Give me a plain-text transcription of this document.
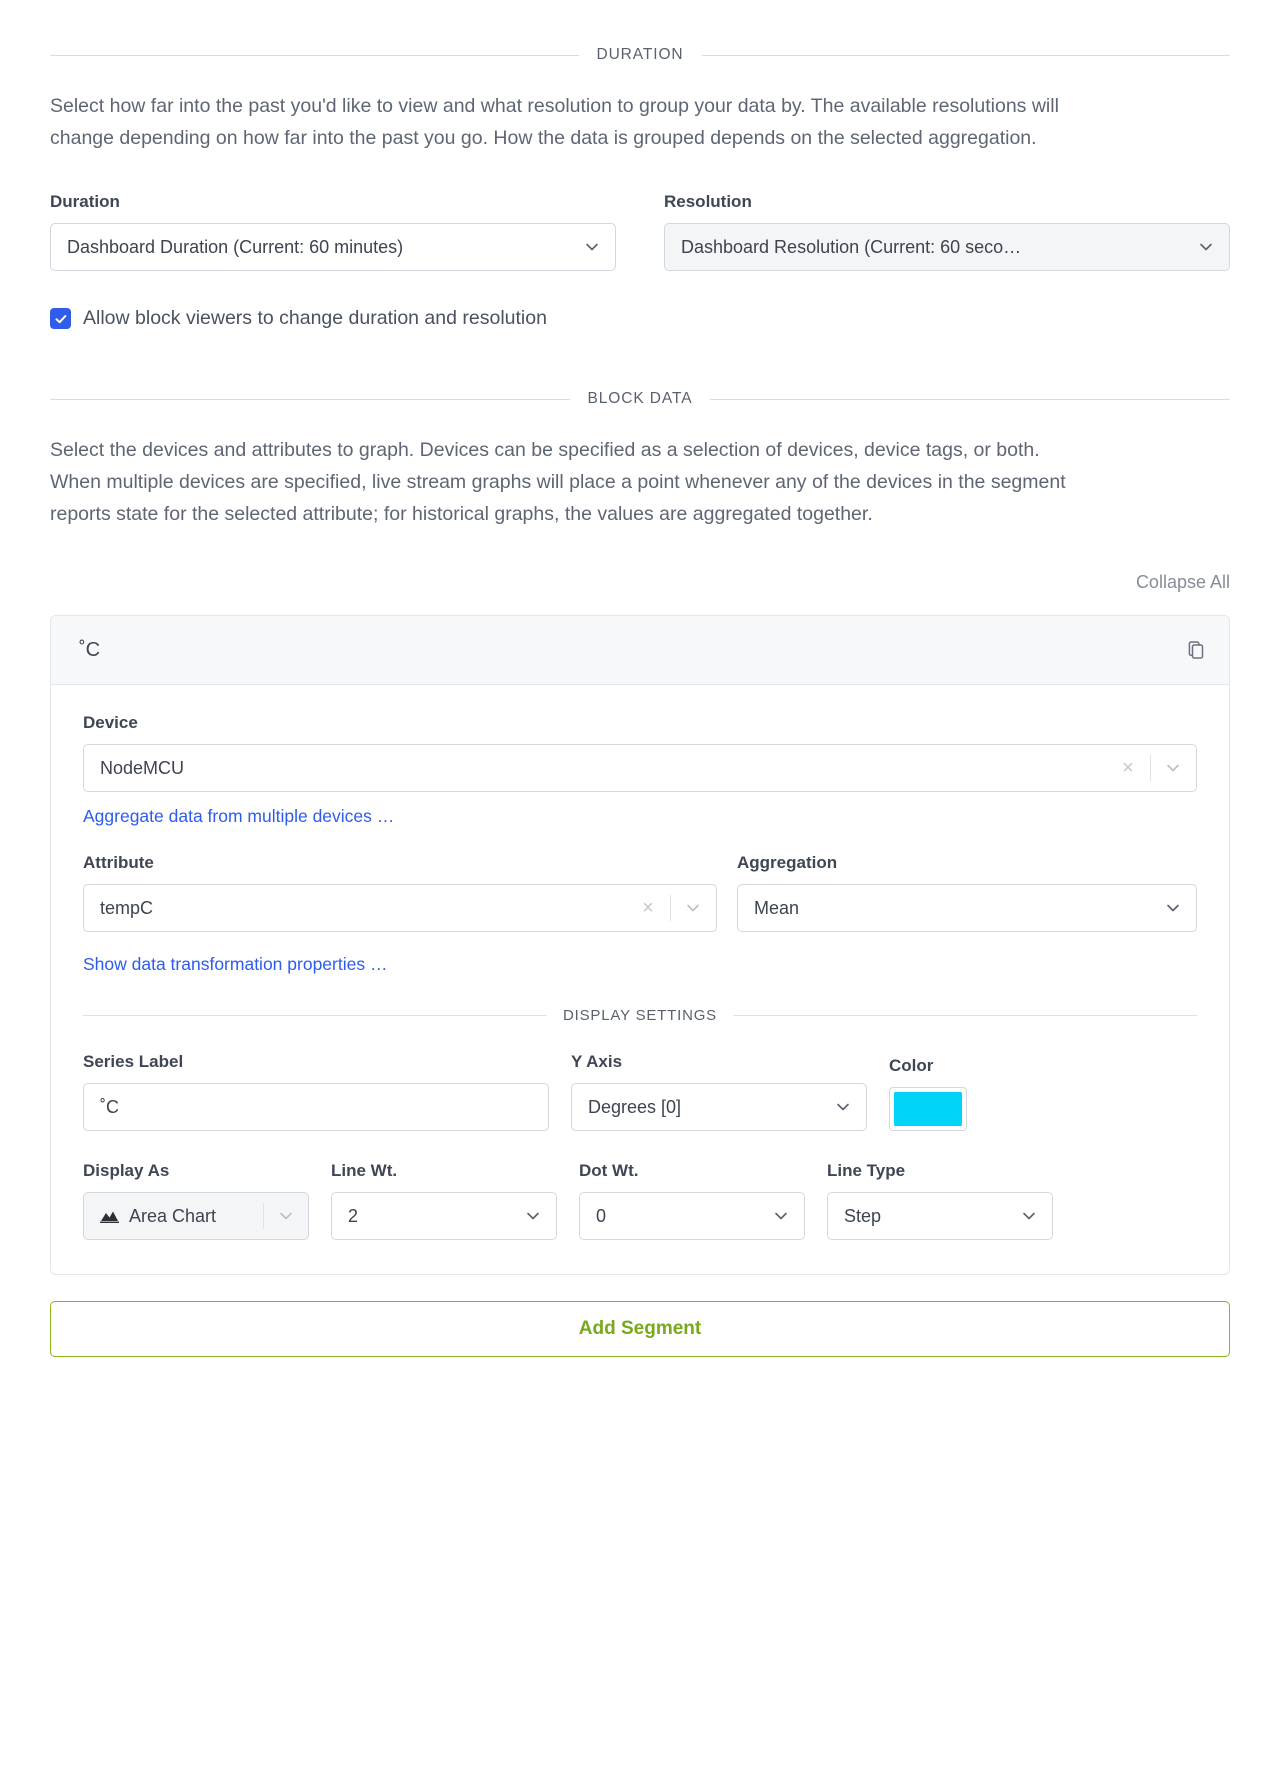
DURATION

Select how far into the past you'd like to view and what resolution to group your data by. The available resolutions will change depending on how far into the past you go. How the data is grouped depends on the selected aggregation.

Duration
Dashboard Duration (Current: 60 minutes)
Resolution
Dashboard Resolution (Current: 60 seco…
Allow block viewers to change duration and resolution
BLOCK DATA

Select the devices and attributes to graph. Devices can be specified as a selection of devices, device tags, or both. When multiple devices are specified, live stream graphs will place a point whenever any of the devices in the segment reports state for the selected attribute; for historical graphs, the values are aggregated together.

Collapse All
˚C
Device
NodeMCU	×
Aggregate data from multiple devices …
Attribute
tempC	×
Aggregation
Mean
Show data transformation properties …
DISPLAY SETTINGS
Series Label
˚C
Y Axis
Degrees [0]
Color
Display As
Area Chart
Line Wt.
2
Dot Wt.
0
Line Type
Step
Add Segment
